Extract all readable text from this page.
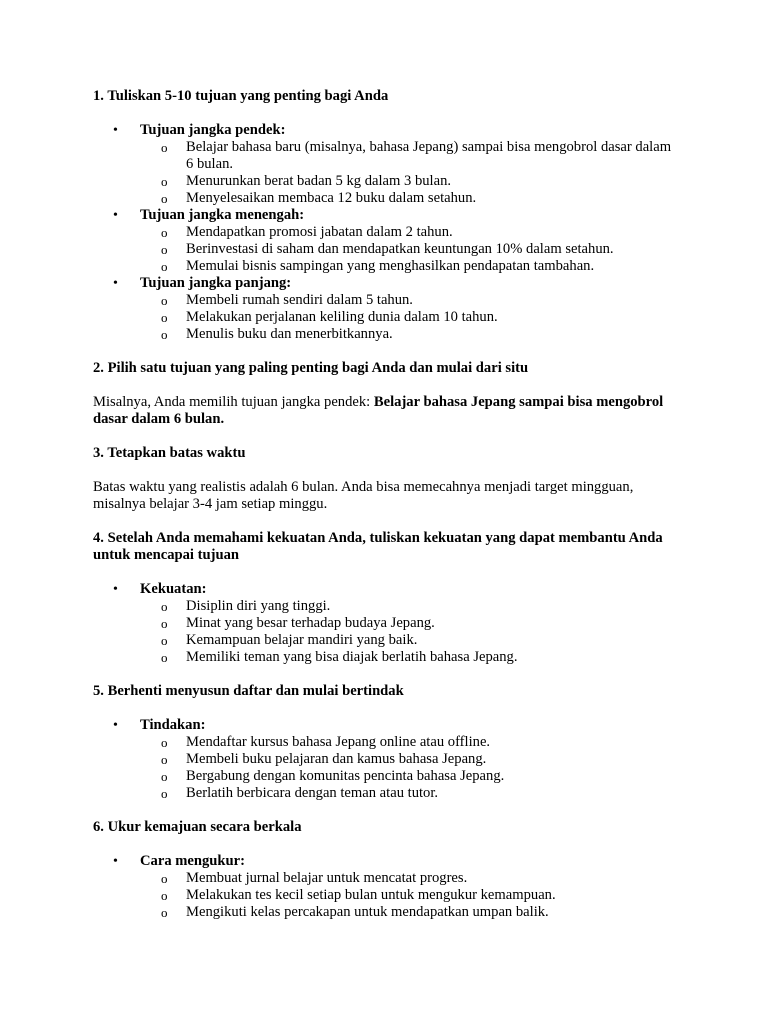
1. Tuliskan 5-10 tujuan yang penting bagi Anda
• Tujuan jangka pendek:
o Belajar bahasa baru (misalnya, bahasa Jepang) sampai bisa mengobrol dasar dalam 6 bulan.
o Menurunkan berat badan 5 kg dalam 3 bulan.
o Menyelesaikan membaca 12 buku dalam setahun.
• Tujuan jangka menengah:
o Mendapatkan promosi jabatan dalam 2 tahun.
o Berinvestasi di saham dan mendapatkan keuntungan 10% dalam setahun.
o Memulai bisnis sampingan yang menghasilkan pendapatan tambahan.
• Tujuan jangka panjang:
o Membeli rumah sendiri dalam 5 tahun.
o Melakukan perjalanan keliling dunia dalam 10 tahun.
o Menulis buku dan menerbitkannya.
2. Pilih satu tujuan yang paling penting bagi Anda dan mulai dari situ
Misalnya, Anda memilih tujuan jangka pendek: Belajar bahasa Jepang sampai bisa mengobrol dasar dalam 6 bulan.
3. Tetapkan batas waktu
Batas waktu yang realistis adalah 6 bulan. Anda bisa memecahnya menjadi target mingguan, misalnya belajar 3-4 jam setiap minggu.
4. Setelah Anda memahami kekuatan Anda, tuliskan kekuatan yang dapat membantu Anda untuk mencapai tujuan
• Kekuatan:
o Disiplin diri yang tinggi.
o Minat yang besar terhadap budaya Jepang.
o Kemampuan belajar mandiri yang baik.
o Memiliki teman yang bisa diajak berlatih bahasa Jepang.
5. Berhenti menyusun daftar dan mulai bertindak
• Tindakan:
o Mendaftar kursus bahasa Jepang online atau offline.
o Membeli buku pelajaran dan kamus bahasa Jepang.
o Bergabung dengan komunitas pencinta bahasa Jepang.
o Berlatih berbicara dengan teman atau tutor.
6. Ukur kemajuan secara berkala
• Cara mengukur:
o Membuat jurnal belajar untuk mencatat progres.
o Melakukan tes kecil setiap bulan untuk mengukur kemampuan.
o Mengikuti kelas percakapan untuk mendapatkan umpan balik.
